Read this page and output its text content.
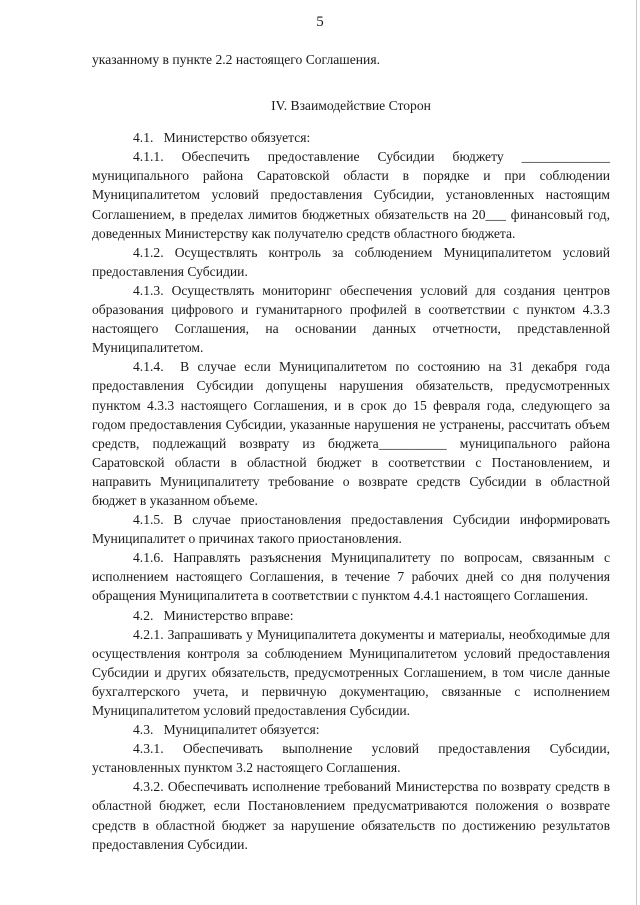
5

указанному в пункте 2.2 настоящего Соглашения.

IV. Взаимодействие Сторон

4.1.   Министерство обязуется:

4.1.1. Обеспечить предоставление Субсидии бюджету _____________ муниципального района Саратовской области в порядке и при соблюдении Муниципалитетом условий предоставления Субсидии, установленных настоящим Соглашением, в пределах лимитов бюджетных обязательств на 20___ финансовый год, доведенных Министерству как получателю средств областного бюджета.

4.1.2. Осуществлять контроль за соблюдением Муниципалитетом условий предоставления Субсидии.

4.1.3. Осуществлять мониторинг обеспечения условий для создания центров образования цифрового и гуманитарного профилей в соответствии с пунктом 4.3.3 настоящего Соглашения, на основании данных отчетности, представленной Муниципалитетом.

4.1.4.  В случае если Муниципалитетом по состоянию на 31 декабря года предоставления Субсидии допущены нарушения обязательств, предусмотренных пунктом 4.3.3 настоящего Соглашения, и в срок до 15 февраля года, следующего за годом предоставления Субсидии, указанные нарушения не устранены, рассчитать объем средств, подлежащий возврату из бюджета__________ муниципального района Саратовской области в областной бюджет в соответствии с Постановлением, и направить Муниципалитету требование о возврате средств Субсидии в областной бюджет в указанном объеме.

4.1.5. В случае приостановления предоставления Субсидии информировать Муниципалитет о причинах такого приостановления.

4.1.6. Направлять разъяснения Муниципалитету по вопросам, связанным с исполнением настоящего Соглашения, в течение 7 рабочих дней со дня получения обращения Муниципалитета в соответствии с пунктом 4.4.1 настоящего Соглашения.

4.2.   Министерство вправе:

4.2.1. Запрашивать у Муниципалитета документы и материалы, необходимые для осуществления контроля за соблюдением Муниципалитетом условий предоставления Субсидии и других обязательств, предусмотренных Соглашением, в том числе данные бухгалтерского учета, и первичную документацию, связанные с исполнением Муниципалитетом условий предоставления Субсидии.

4.3.   Муниципалитет обязуется:

4.3.1. Обеспечивать выполнение условий предоставления Субсидии, установленных пунктом 3.2 настоящего Соглашения.

4.3.2. Обеспечивать исполнение требований Министерства по возврату средств в областной бюджет, если Постановлением предусматриваются положения о возврате средств в областной бюджет за нарушение обязательств по достижению результатов предоставления Субсидии.
